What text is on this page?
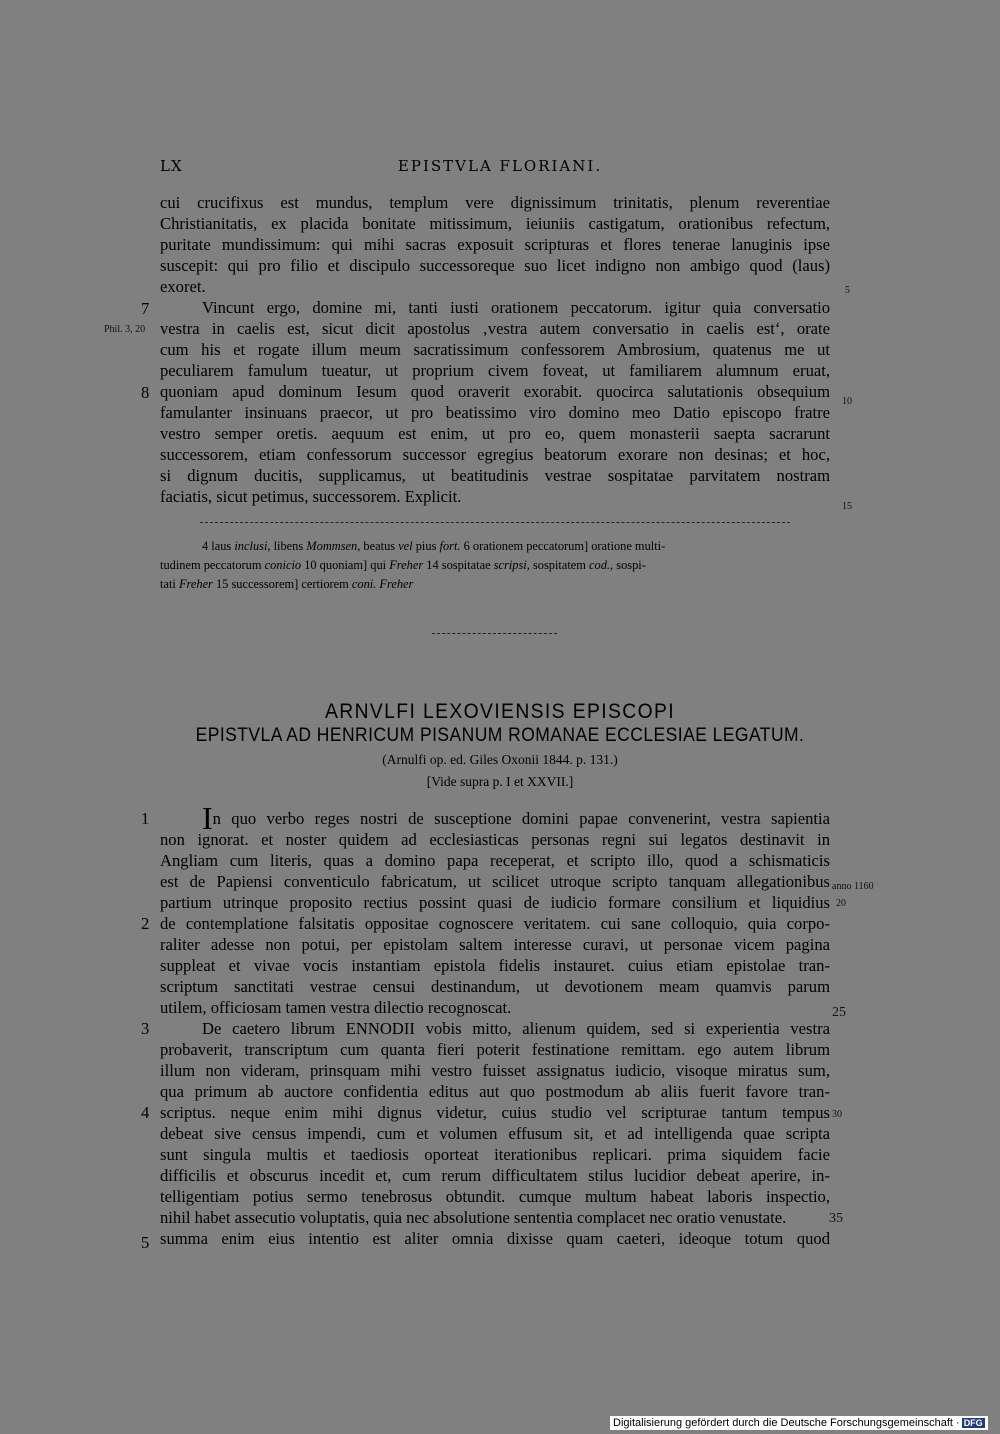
LX	EPISTVLA FLORIANI.
cui crucifixus est mundus, templum vere dignissimum trinitatis, plenum reverentiae
Christianitatis, ex placida bonitate mitissimum, ieiuniis castigatum, orationibus refectum,
puritate mundissimum: qui mihi sacras exposuit scripturas et flores tenerae lanuginis ipse
suscepit: qui pro filio et discipulo successoreque suo licet indigno non ambigo quod (laus)
exoret.
Vincunt ergo, domine mi, tanti iusti orationem peccatorum. igitur quia conversatio
vestra in caelis est, sicut dicit apostolus ‚vestra autem conversatio in caelis est‘, orate
cum his et rogate illum meum sacratissimum confessorem Ambrosium, quatenus me ut
peculiarem famulum tueatur, ut proprium civem foveat, ut familiarem alumnum eruat,
quoniam apud dominum Iesum quod oraverit exorabit. quocirca salutationis obsequium
famulanter insinuans praecor, ut pro beatissimo viro domino meo Datio episcopo fratre
vestro semper oretis. aequum est enim, ut pro eo, quem monasterii saepta sacrarunt
successorem, etiam confessorum successor egregius beatorum exorare non desinas; et hoc,
si dignum ducitis, supplicamus, ut beatitudinis vestrae sospitatae parvitatem nostram
faciatis, sicut petimus, successorem. Explicit.
7
Phil. 3, 20
8
5
10
15
4 laus inclusi, libens Mommsen, beatus vel pius fort. 6 orationem peccatorum] oratione multi-
tudinem peccatorum conicio 10 quoniam] qui Freher 14 sospitatae scripsi, sospitatem cod., sospi-
tati Freher 15 successorem] certiorem coni. Freher
ARNVLFI LEXOVIENSIS EPISCOPI
EPISTVLA AD HENRICUM PISANUM ROMANAE ECCLESIAE LEGATUM.
(Arnulfi op. ed. Giles Oxonii 1844. p. 131.)
[Vide supra p. I et XXVII.]
In quo verbo reges nostri de susceptione domini papae convenerint, vestra sapientia
non ignorat. et noster quidem ad ecclesiasticas personas regni sui legatos destinavit in
Angliam cum literis, quas a domino papa receperat, et scripto illo, quod a schismaticis
est de Papiensi conventiculo fabricatum, ut scilicet utroque scripto tanquam allegationibus
partium utrinque proposito rectius possint quasi de iudicio formare consilium et liquidius
de contemplatione falsitatis oppositae cognoscere veritatem. cui sane colloquio, quia corpo-
raliter adesse non potui, per epistolam saltem interesse curavi, ut personae vicem pagina
suppleat et vivae vocis instantiam epistola fidelis instauret. cuius etiam epistolae tran-
scriptum sanctitati vestrae censui destinandum, ut devotionem meam quamvis parum
utilem, officiosam tamen vestra dilectio recognoscat.
De caetero librum ENNODII vobis mitto, alienum quidem, sed si experientia vestra
probaverit, transcriptum cum quanta fieri poterit festinatione remittam. ego autem librum
illum non videram, prinsquam mihi vestro fuisset assignatus iudicio, visoque miratus sum,
qua primum ab auctore confidentia editus aut quo postmodum ab aliis fuerit favore tran-
scriptus. neque enim mihi dignus videtur, cuius studio vel scripturae tantum tempus
debeat sive census impendi, cum et volumen effusum sit, et ad intelligenda quae scripta
sunt singula multis et taediosis oporteat iterationibus replicari. prima siquidem facie
difficilis et obscurus incedit et, cum rerum difficultatem stilus lucidior debeat aperire, in-
telligentiam potius sermo tenebrosus obtundit. cumque multum habeat laboris inspectio,
nihil habet assecutio voluptatis, quia nec absolutione sententia complacet nec oratio venustate.
summa enim eius intentio est aliter omnia dixisse quam caeteri, ideoque totum quod
1
2
3
4
5
anno 1160
20
25
30
35
Digitalisierung gefördert durch die Deutsche Forschungsgemeinschaft · DFG
